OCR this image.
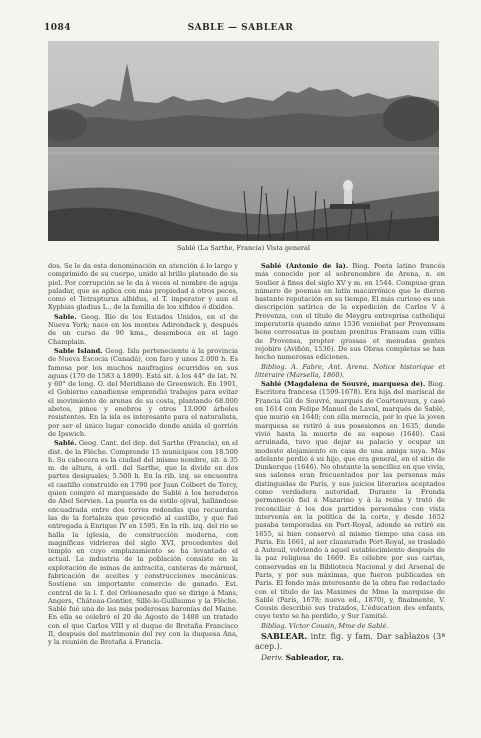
1084	SABLE — SABLEAR
Sablé (La Sarthe, Francia) Vista general

dos. Se le da esta denominación en atención á lo largo y comprimido de su cuerpo, unido al brillo plateado de su piel. Por corrupción se le da á veces el nombre de aguja paladar, que se aplica con más propiedad á otros peces, como el Tetrapturus albidus, el T. imperator y aun el Xyphias gladius L., de la familia de los xífidos ó díxidos.

Sable. Geog. Río de los Estados Unidos, en el de Nueva York; nace en los montes Adirondack y, después de un curso de 90 kms., desemboca en el lago Champlain.

Sable Island. Geog. Isla perteneciente á la provincia de Nueva Escocia (Canadá), con faro y unos 2.000 h. Es famosa por los muchos naufragios ocurridos en sus aguas (170 de 1583 á 1899). Está sit. á los 44° de lat. N. y 60° de long. O. del Meridiano de Greenwich. En 1901, el Gobierno canadiense emprendió trabajos para evitar el movimiento de arenas de su costa, plantando 68.000 abetos, pinos y enebros y otros 13.000 árboles resistentes. En la isla es interesante para el naturalista, por ser el único lugar conocido donde anida el gorrión de Ipswich.

Sablé. Geog. Cant. del dep. del Sarthe (Francia), en el dist. de la Flèche. Comprende 15 municipios con 18.500 h. Su cabecera es la ciudad del mismo nombre, sit. á 35 m. de altura, á orll. del Sarthe, que la divide en dos partes desiguales; 5.500 h. En la rib. izq. se encuentra el castillo construido en 1790 por Juan Colbert de Torcy, quien compró el marquesado de Sablé á los herederos de Abel Servien. La puerta es de estilo ojival, hallándose encuadrada entre dos torres redondas que recuerdan las de la fortaleza que precedió al castillo, y que fué entregada á Enrique IV en 1595. En la rib. izq. del río se halla la iglesia, de construcción moderna, con magníficas vidrieras del siglo XVI, procedentes del templo en cuyo emplazamiento se ha levantado el actual. La industria de la población consiste en la explotación de minas de antracita, canteras de mármol, fabricación de aceites y construcciones mecánicas. Sostiene un importante comercio de ganado. Est. central de la l. f. del Orleanesado que se dirige á Mans, Angers, Château-Gontier, Sillé-le-Guillaume y la Flèche. Sablé fué una de las más poderosas baronías del Maine. En ella se celebró el 20 de Agosto de 1488 un tratado con el que Carlos VIII y el duque de Bretaña Francisco II, después del matrimonio del rey con la duquesa Ana, y la reunión de Bretaña á Francia.

Sablé (Antonio de la). Biog. Poeta latino francés más conocido por el sobrenombre de Arena, n. en Soulier á fines del siglo XV y m. en 1544. Compuso gran número de poemas en latín macarrónico que le dieron bastante reputación en su tiempo. El más curioso es una descripción satírica de la expedición de Carlos V á Provenza, con el título de Meygra entreprisa catholiqui imperatoris quando anno 1536 veniebat per Provensam bene corrosatus in postam prenitus Fransam cum villis de Provensa, propter grossas et menudas gentes rejobire (Aviñón, 1536). De sus Obras completas se han hecho numerosas ediciones.

Bibliog. A. Fabre, Ant. Arena. Notice historique et littéraire (Marsella, 1860).

Sablé (Magdalena de Souvré, marquesa de). Biog. Escritora francesa (1599-1678). Era hija del mariscal de Francia Gil de Souvré, marqués de Courtenvaux, y casó en 1614 con Felipe Manuel de Laval, marqués de Sablé, que murió en 1640; con ella merecía, por lo que la joven marquesa se retiró á sus posesiones en 1635, donde vivió hasta la muerte de su esposo (1640). Casi arruinada, tuvo que dejar su palacio y ocupar un modesto alojamiento en casa de una amiga suya. Más adelante perdió á su hijo, que era general, en el sitio de Dunkerque (1646). No obstante la sencillez en que vivía, sus salones eran frecuentados por las personas más distinguidas de París, y sus juicios literarios aceptados como verdadera autoridad. Durante la Fronda permaneció fiel á Mazarino y á la reina y trató de reconciliar á los dos partidos personales con vista intervenía en la política de la corte, y desde 1652 pasaba temporadas en Port-Royal, adonde se retiró en 1655, si bien conservó al mismo tiempo una casa en París. En 1661, al ser clausurado Port-Royal, se trasladó á Auteuil, volviendo á aquel establecimiento después de la paz religiosa de 1669. Es célebre por sus cartas, conservadas en la Biblioteca Nacional y del Arsenal de París, y por sus máximas, que fueron publicadas en París. El fondo más interesante de la obra fue redactado con el título de las Maximes de Mme la marquise de Sablé (París, 1678; nueva ed., 1870), y, finalmente, V. Cousin describió sus tratados, L'éducation des enfants, cuyo texto se ha perdido, y Sur l'amitié.

Bibliog. Víctor Cousin, Mme de Sablé.

SABLEAR. intr. fig. y fam. Dar sablazos (3ª acep.).

Deriv. Sableador, ra.
